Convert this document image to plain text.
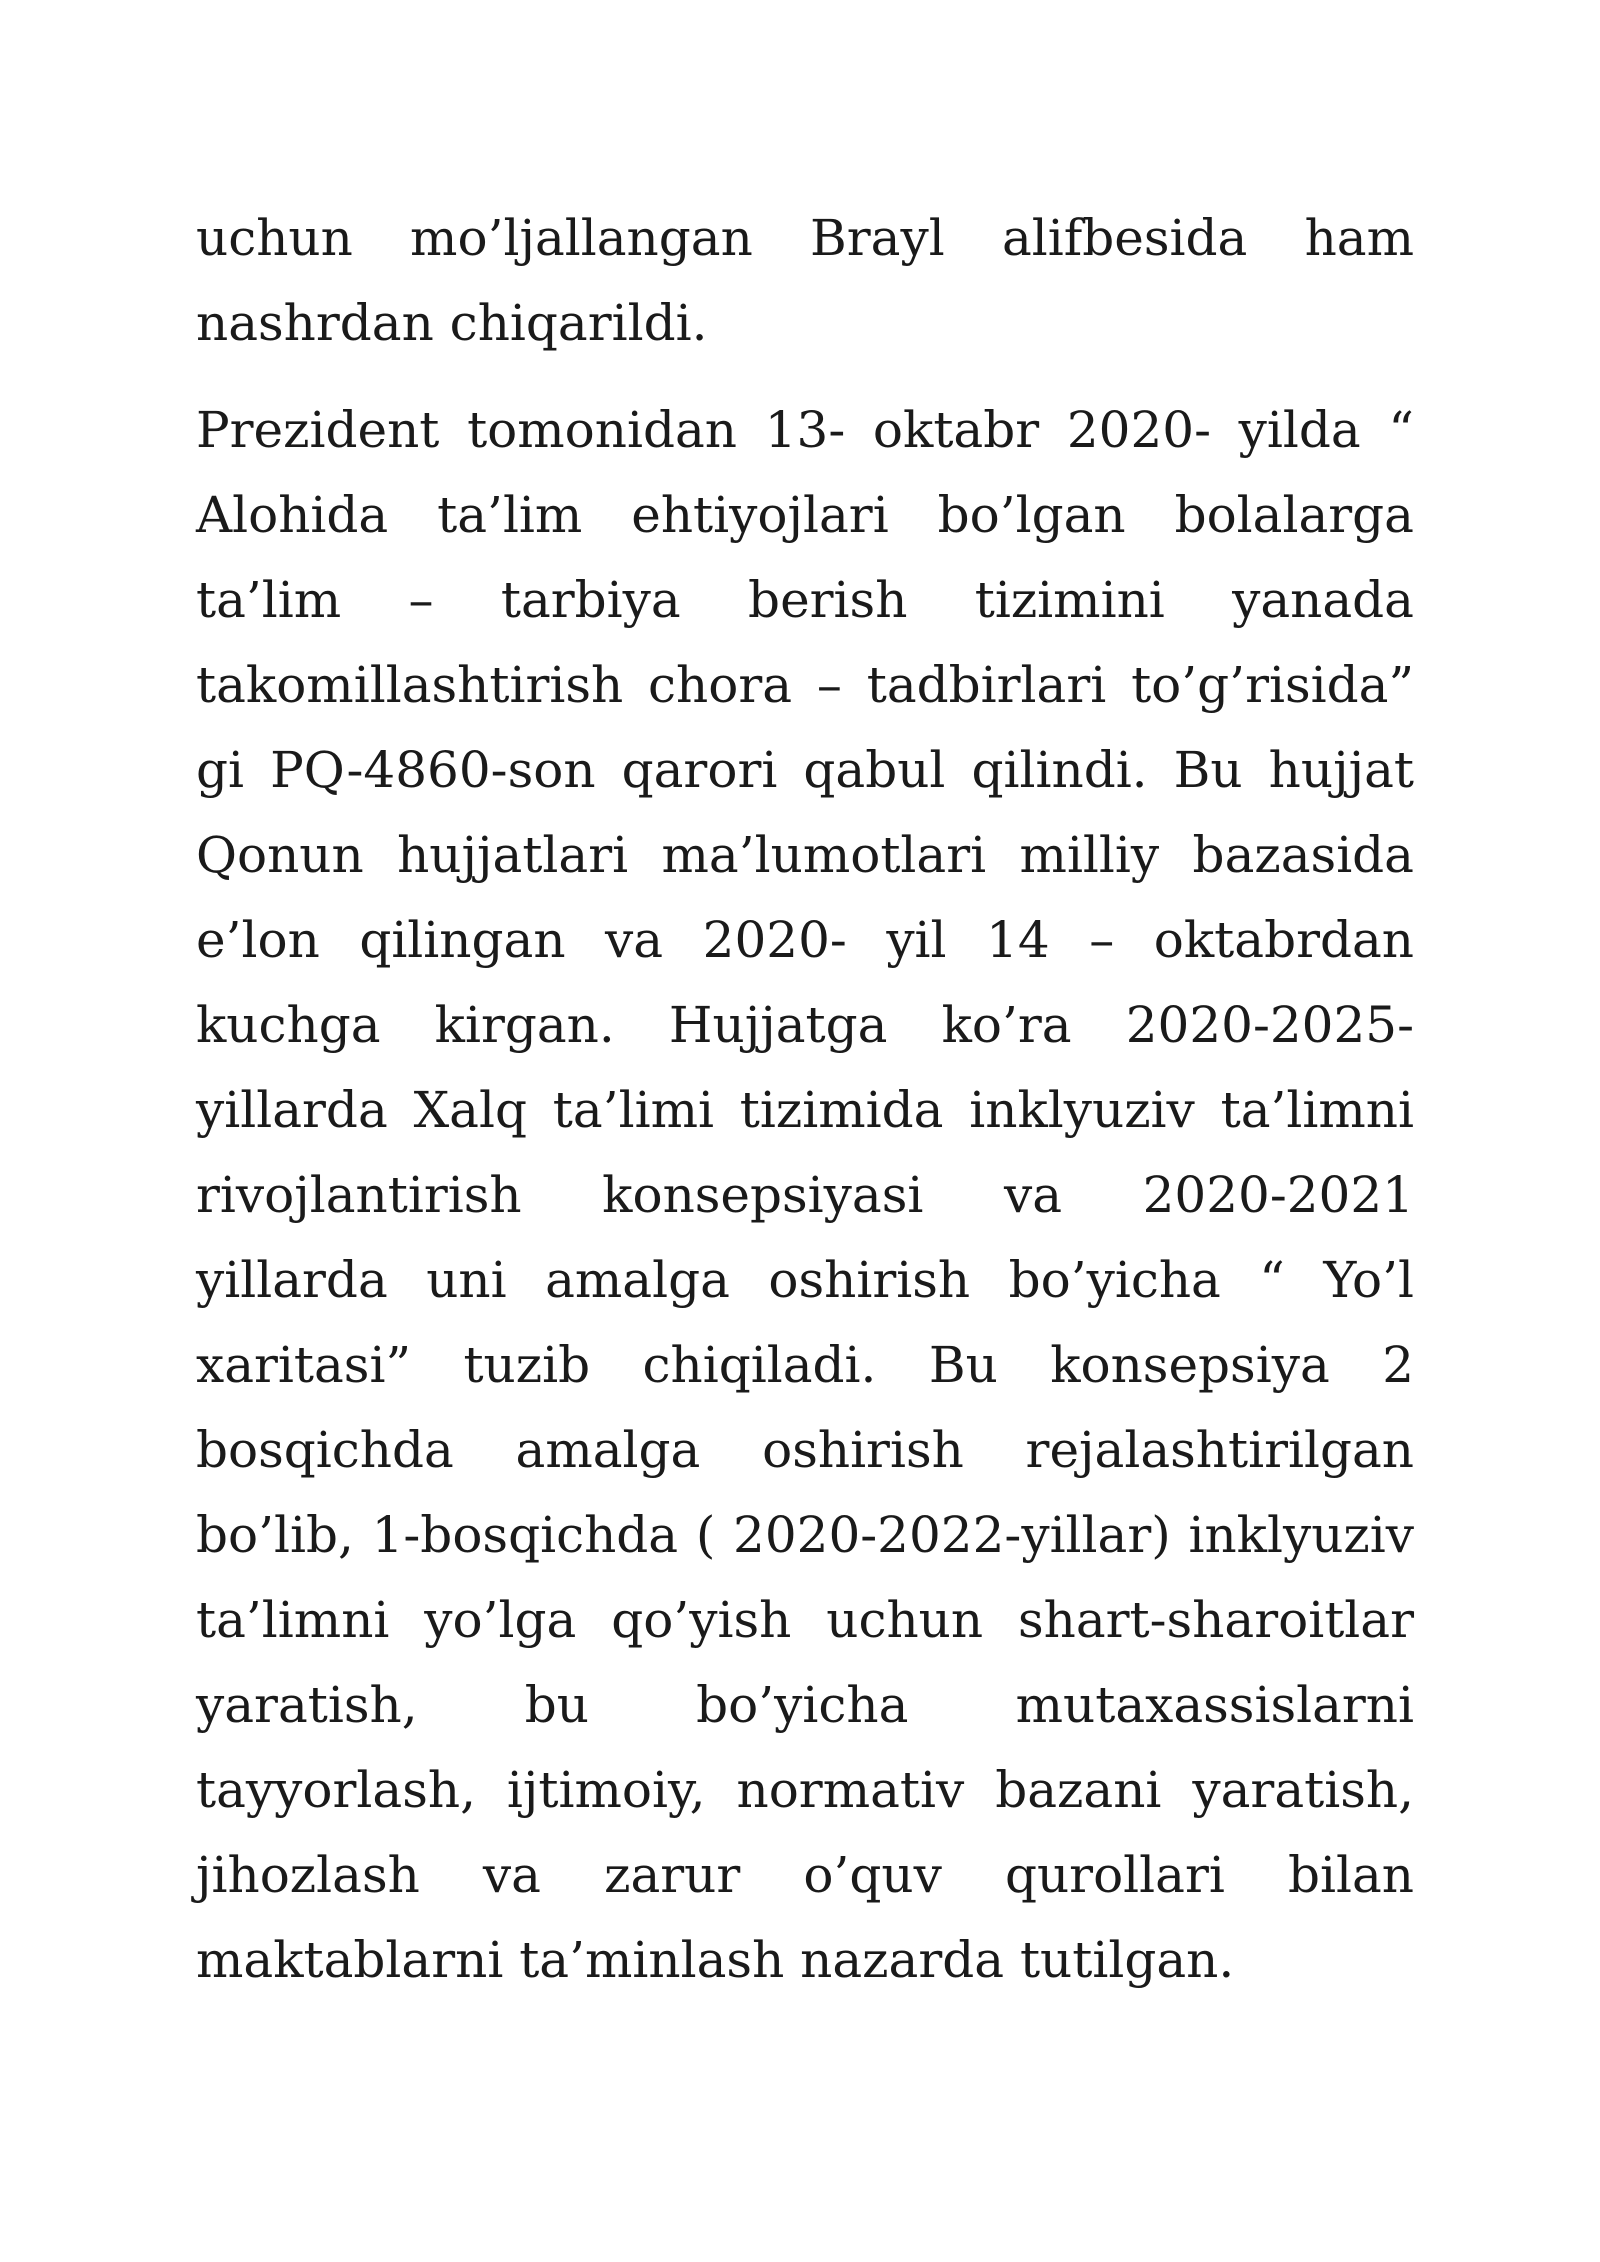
uchun mo’ljallangan Brayl alifbesida ham
nashrdan chiqarildi.
Prezident tomonidan 13- oktabr 2020- yilda “
Alohida ta’lim ehtiyojlari bo’lgan bolalarga
ta’lim – tarbiya berish tizimini yanada
takomillashtirish chora – tadbirlari to’g’risida”
gi PQ-4860-son qarori qabul qilindi. Bu hujjat
Qonun hujjatlari ma’lumotlari milliy bazasida
e’lon qilingan va 2020- yil 14 – oktabrdan
kuchga kirgan. Hujjatga ko’ra 2020-2025-
yillarda Xalq ta’limi tizimida inklyuziv ta’limni
rivojlantirish konsepsiyasi va 2020-2021
yillarda uni amalga oshirish bo’yicha “ Yo’l
xaritasi” tuzib chiqiladi. Bu konsepsiya 2
bosqichda amalga oshirish rejalashtirilgan
bo’lib, 1-bosqichda ( 2020-2022-yillar) inklyuziv
ta’limni yo’lga qo’yish uchun shart-sharoitlar
yaratish, bu bo’yicha mutaxassislarni
tayyorlash, ijtimoiy, normativ bazani yaratish,
jihozlash va zarur o’quv qurollari bilan
maktablarni ta’minlash nazarda tutilgan.
